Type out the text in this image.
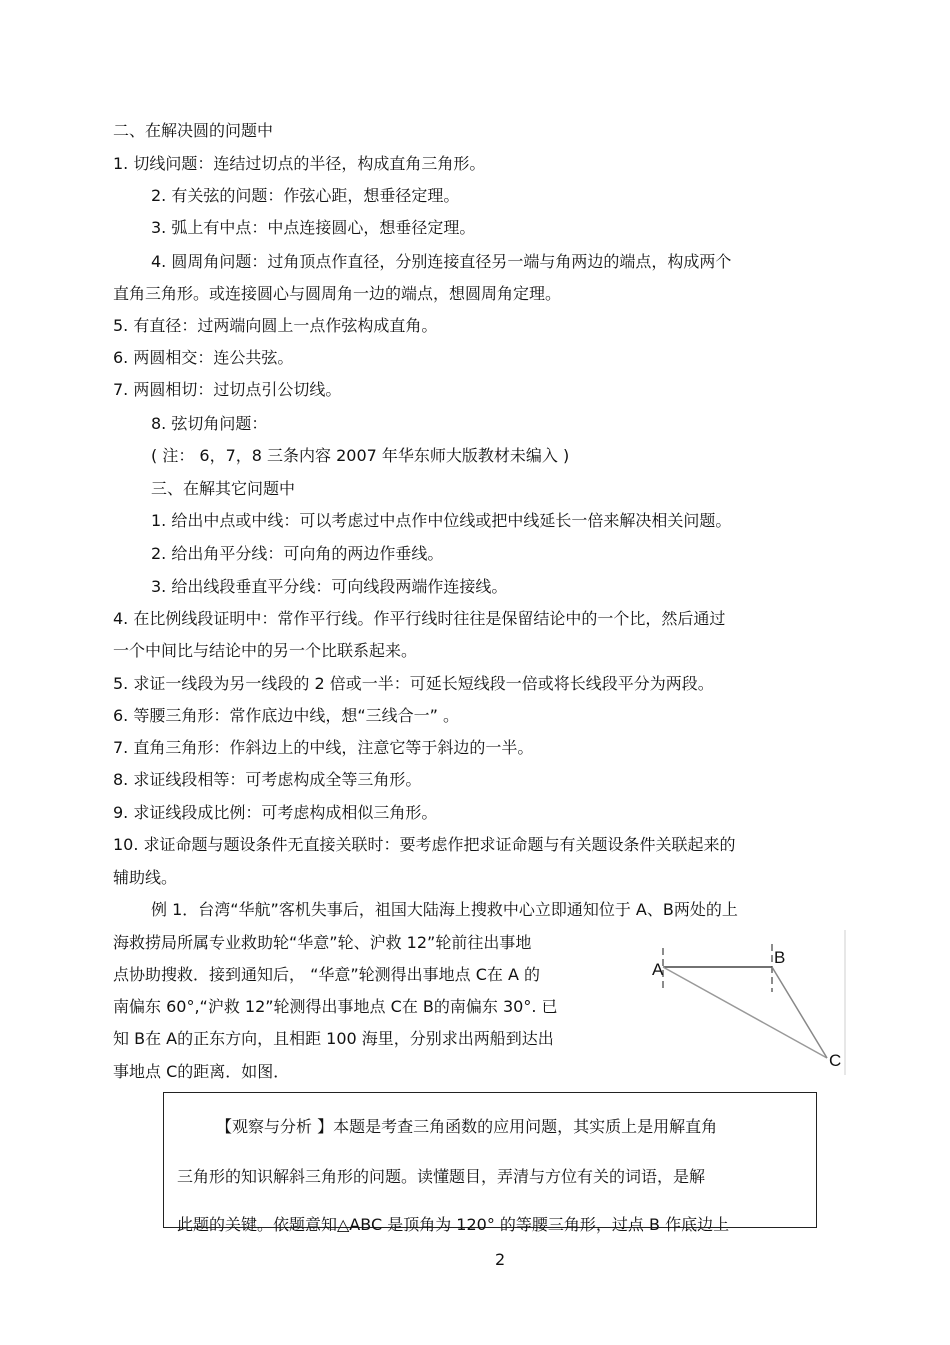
二、在解决圆的问题中
1. 切线问题：连结过切点的半径，构成直角三角形。
2. 有关弦的问题：作弦心距，想垂径定理。
3. 弧上有中点：中点连接圆心，想垂径定理。
4. 圆周角问题：过角顶点作直径，分别连接直径另一端与角两边的端点，构成两个
直角三角形。或连接圆心与圆周角一边的端点，想圆周角定理。
5. 有直径：过两端向圆上一点作弦构成直角。
6. 两圆相交：连公共弦。
7. 两圆相切：过切点引公切线。
8. 弦切角问题：
( 注： 6，7，8 三条内容 2007 年华东师大版教材未编入 )
三、在解其它问题中
1. 给出中点或中线：可以考虑过中点作中位线或把中线延长一倍来解决相关问题。
2. 给出角平分线：可向角的两边作垂线。
3. 给出线段垂直平分线：可向线段两端作连接线。
4. 在比例线段证明中：常作平行线。作平行线时往往是保留结论中的一个比，然后通过
一个中间比与结论中的另一个比联系起来。
5. 求证一线段为另一线段的 2 倍或一半：可延长短线段一倍或将长线段平分为两段。
6. 等腰三角形：常作底边中线，想“三线合一” 。
7. 直角三角形：作斜边上的中线，注意它等于斜边的一半。
8. 求证线段相等：可考虑构成全等三角形。
9. 求证线段成比例：可考虑构成相似三角形。
10. 求证命题与题设条件无直接关联时：要考虑作把求证命题与有关题设条件关联起来的
辅助线。
例 1．台湾“华航”客机失事后，祖国大陆海上搜救中心立即通知位于 A、B两处的上
海救捞局所属专业救助轮“华意”轮、沪救 12”轮前往出事地
点协助搜救．接到通知后， “华意”轮测得出事地点 C在 A 的
南偏东 60°,“沪救 12”轮测得出事地点 C在 B的南偏东 30°. 已
知 B在 A的正东方向，且相距 100 海里，分别求出两船到达出
事地点 C的距离．如图．
A
B
C
【观察与分析 】本题是考查三角函数的应用问题，其实质上是用解直角
三角形的知识解斜三角形的问题。读懂题目，弄清与方位有关的词语，是解
此题的关键。依题意知△ABC 是顶角为 120° 的等腰三角形，过点 B 作底边上
2
